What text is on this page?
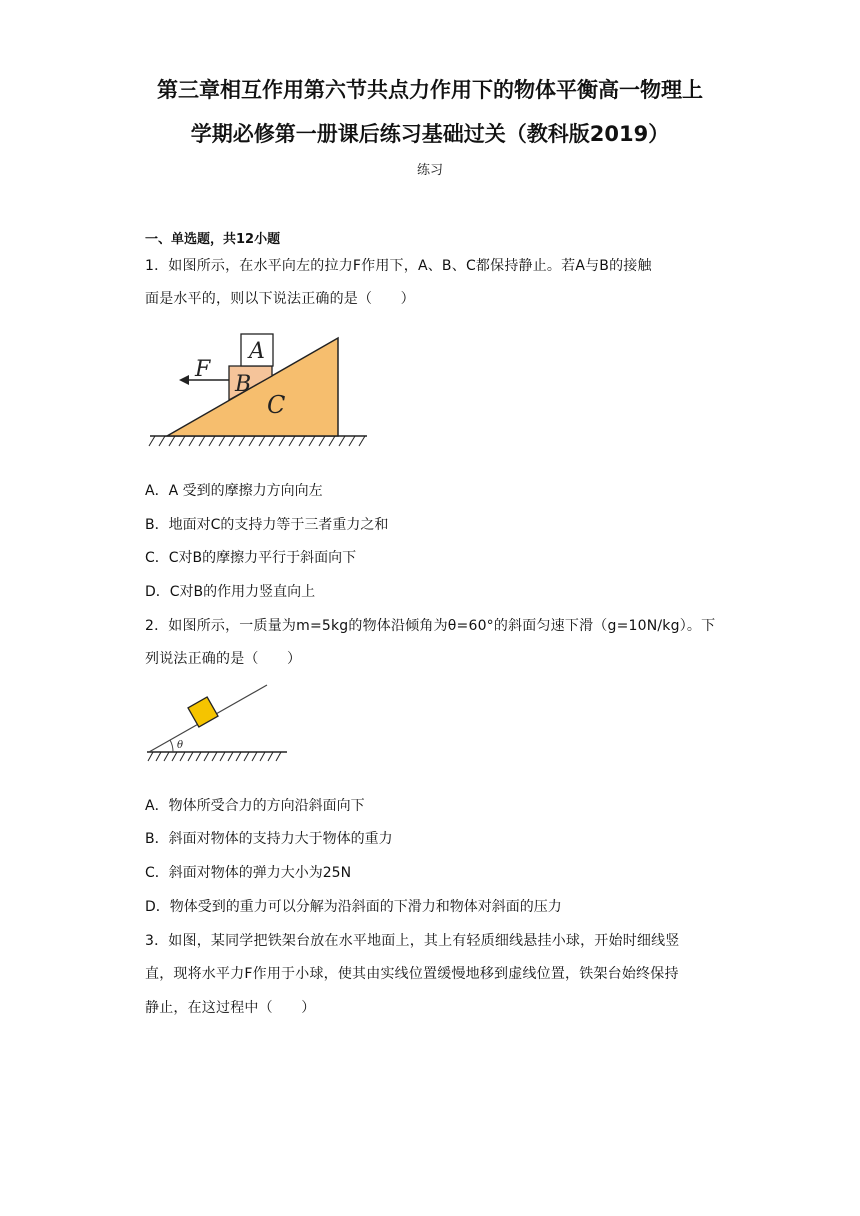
第三章相互作用第六节共点力作用下的物体平衡高一物理上
学期必修第一册课后练习基础过关（教科版2019）
练习
一、单选题，共12小题
1．如图所示，在水平向左的拉力F作用下，A、B、C都保持静止。若A与B的接触
面是水平的，则以下说法正确的是（　　）
A
B
C
F
A．A 受到的摩擦力方向向左
B．地面对C的支持力等于三者重力之和
C．C对B的摩擦力平行于斜面向下
D．C对B的作用力竖直向上
2．如图所示，一质量为m=5kg的物体沿倾角为θ=60°的斜面匀速下滑（g=10N/kg）。下
列说法正确的是（　　）
θ
A．物体所受合力的方向沿斜面向下
B．斜面对物体的支持力大于物体的重力
C．斜面对物体的弹力大小为25N
D．物体受到的重力可以分解为沿斜面的下滑力和物体对斜面的压力
3．如图，某同学把铁架台放在水平地面上，其上有轻质细线悬挂小球，开始时细线竖
直，现将水平力F作用于小球，使其由实线位置缓慢地移到虚线位置，铁架台始终保持
静止，在这过程中（　　）
